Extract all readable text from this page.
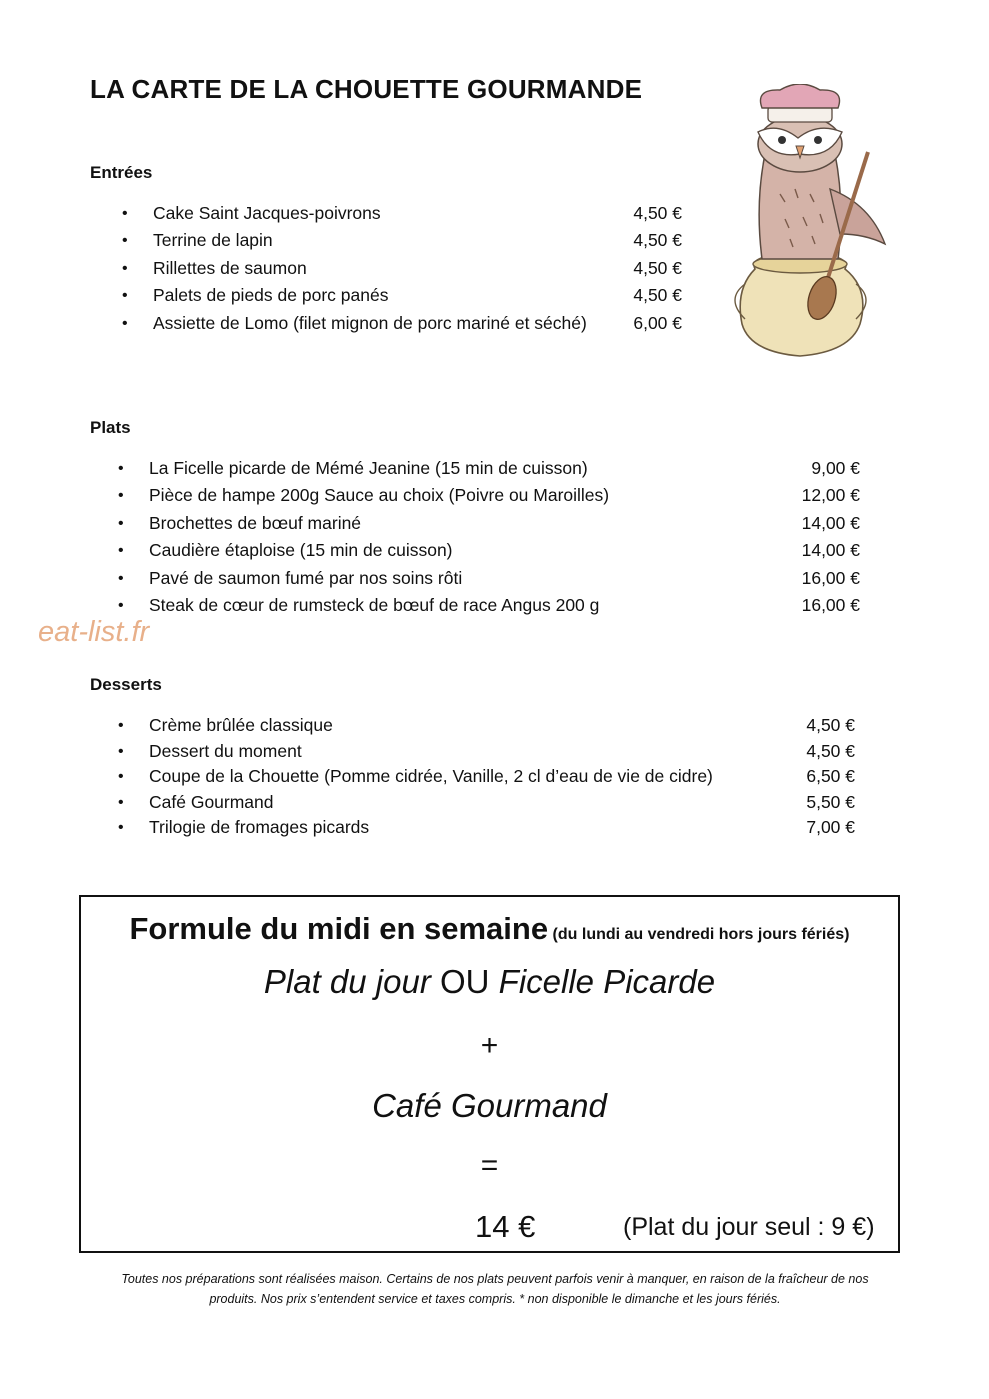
LA CARTE DE LA CHOUETTE GOURMANDE
Entrées
• Cake Saint Jacques-poivrons	4,50 €
• Terrine de lapin	4,50 €
• Rillettes de saumon	4,50 €
• Palets de pieds de porc panés	4,50 €
• Assiette de Lomo (filet mignon de porc mariné et séché)	6,00 €
Plats
• La Ficelle picarde de Mémé Jeanine (15 min de cuisson)	9,00 €
• Pièce de hampe 200g Sauce au choix (Poivre ou Maroilles)	12,00 €
• Brochettes de bœuf mariné	14,00 €
• Caudière étaploise (15 min de cuisson)	14,00 €
• Pavé de saumon fumé par nos soins rôti	16,00 €
• Steak de cœur de rumsteck de bœuf de race Angus 200 g	16,00 €
eat-list.fr
Desserts
• Crème brûlée classique	4,50 €
• Dessert du moment	4,50 €
• Coupe de la Chouette (Pomme cidrée, Vanille, 2 cl d’eau de vie de cidre)	6,50 €
• Café Gourmand	5,50 €
• Trilogie de fromages picards	7,00 €
Formule du midi en semaine (du lundi au vendredi hors jours fériés)
Plat du jour OU Ficelle Picarde
+
Café Gourmand
=
14 €	(Plat du jour seul : 9 €)
Toutes nos préparations sont réalisées maison. Certains de nos plats peuvent parfois venir à manquer, en raison de la fraîcheur de nos
produits. Nos prix s’entendent service et taxes compris. * non disponible le dimanche et les jours fériés.
